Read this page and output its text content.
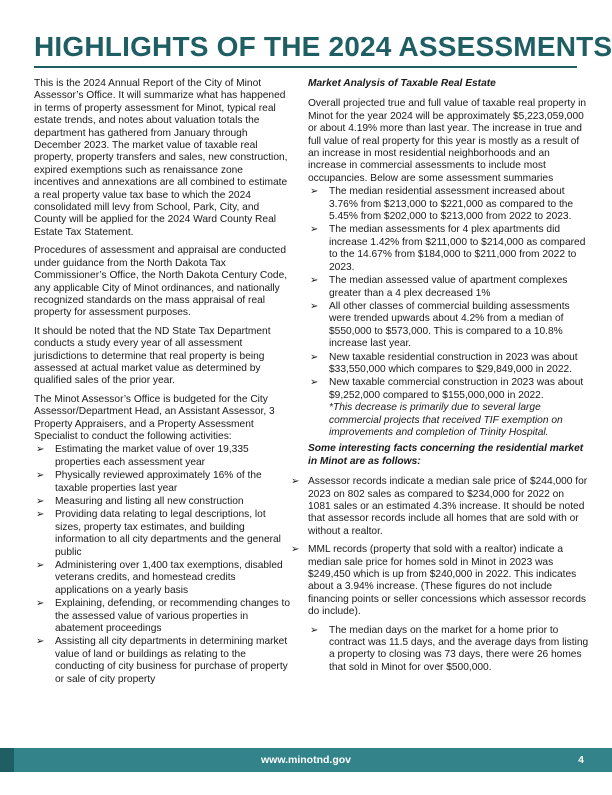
HIGHLIGHTS OF THE 2024 ASSESSMENTS

This is the 2024 Annual Report of the City of Minot Assessor’s Office. It will summarize what has happened in terms of property assessment for Minot, typical real estate trends, and notes about valuation totals the department has gathered from January through December 2023. The market value of taxable real property, property transfers and sales, new construction, expired exemptions such as renaissance zone incentives and annexations are all combined to estimate a real property value tax base to which the 2024 consolidated mill levy from School, Park, City, and County will be applied for the 2024 Ward County Real Estate Tax Statement.

Procedures of assessment and appraisal are conducted under guidance from the North Dakota Tax Commissioner’s Office, the North Dakota Century Code, any applicable City of Minot ordinances, and nationally recognized standards on the mass appraisal of real property for assessment purposes.

It should be noted that the ND State Tax Department conducts a study every year of all assessment jurisdictions to determine that real property is being assessed at actual market value as determined by qualified sales of the prior year.

The Minot Assessor’s Office is budgeted for the City Assessor/Department Head, an Assistant Assessor, 3 Property Appraisers, and a Property Assessment Specialist to conduct the following activities:

➢ Estimating the market value of over 19,335 properties each assessment year
➢ Physically reviewed approximately 16% of the taxable properties last year
➢ Measuring and listing all new construction
➢ Providing data relating to legal descriptions, lot sizes, property tax estimates, and building information to all city departments and the general public
➢ Administering over 1,400 tax exemptions, disabled veterans credits, and homestead credits applications on a yearly basis
➢ Explaining, defending, or recommending changes to the assessed value of various properties in abatement proceedings
➢ Assisting all city departments in determining market value of land or buildings as relating to the conducting of city business for purchase of property or sale of city property

Market Analysis of Taxable Real Estate

Overall projected true and full value of taxable real property in Minot for the year 2024 will be approximately $5,223,059,000 or about 4.19% more than last year. The increase in true and full value of real property for this year is mostly as a result of an increase in most residential neighborhoods and an increase in commercial assessments to include most occupancies. Below are some assessment summaries

➢ The median residential assessment increased about 3.76% from $213,000 to $221,000 as compared to the 5.45% from $202,000 to $213,000 from 2022 to 2023.
➢ The median assessments for 4 plex apartments did increase 1.42% from $211,000 to $214,000 as compared to the 14.67% from $184,000 to $211,000 from 2022 to 2023.
➢ The median assessed value of apartment complexes greater than a 4 plex decreased 1%
➢ All other classes of commercial building assessments were trended upwards about 4.2% from a median of $550,000 to $573,000. This is compared to a 10.8% increase last year.
➢ New taxable residential construction in 2023 was about $33,550,000 which compares to $29,849,000 in 2022.
➢ New taxable commercial construction in 2023 was about $9,252,000 compared to $155,000,000 in 2022.
*This decrease is primarily due to several large commercial projects that received TIF exemption on improvements and completion of Trinity Hospital.

Some interesting facts concerning the residential market in Minot are as follows:

➢ Assessor records indicate a median sale price of $244,000 for 2023 on 802 sales as compared to $234,000 for 2022 on 1081 sales or an estimated 4.3% increase. It should be noted that assessor records include all homes that are sold with or without a realtor.
➢ MML records (property that sold with a realtor) indicate a median sale price for homes sold in Minot in 2023 was $249,450 which is up from $240,000 in 2022. This indicates about a 3.94% increase. (These figures do not include financing points or seller concessions which assessor records do include).
➢ The median days on the market for a home prior to contract was 11.5 days, and the average days from listing a property to closing was 73 days, there were 26 homes that sold in Minot for over $500,000.
www.minotnd.gov	4
